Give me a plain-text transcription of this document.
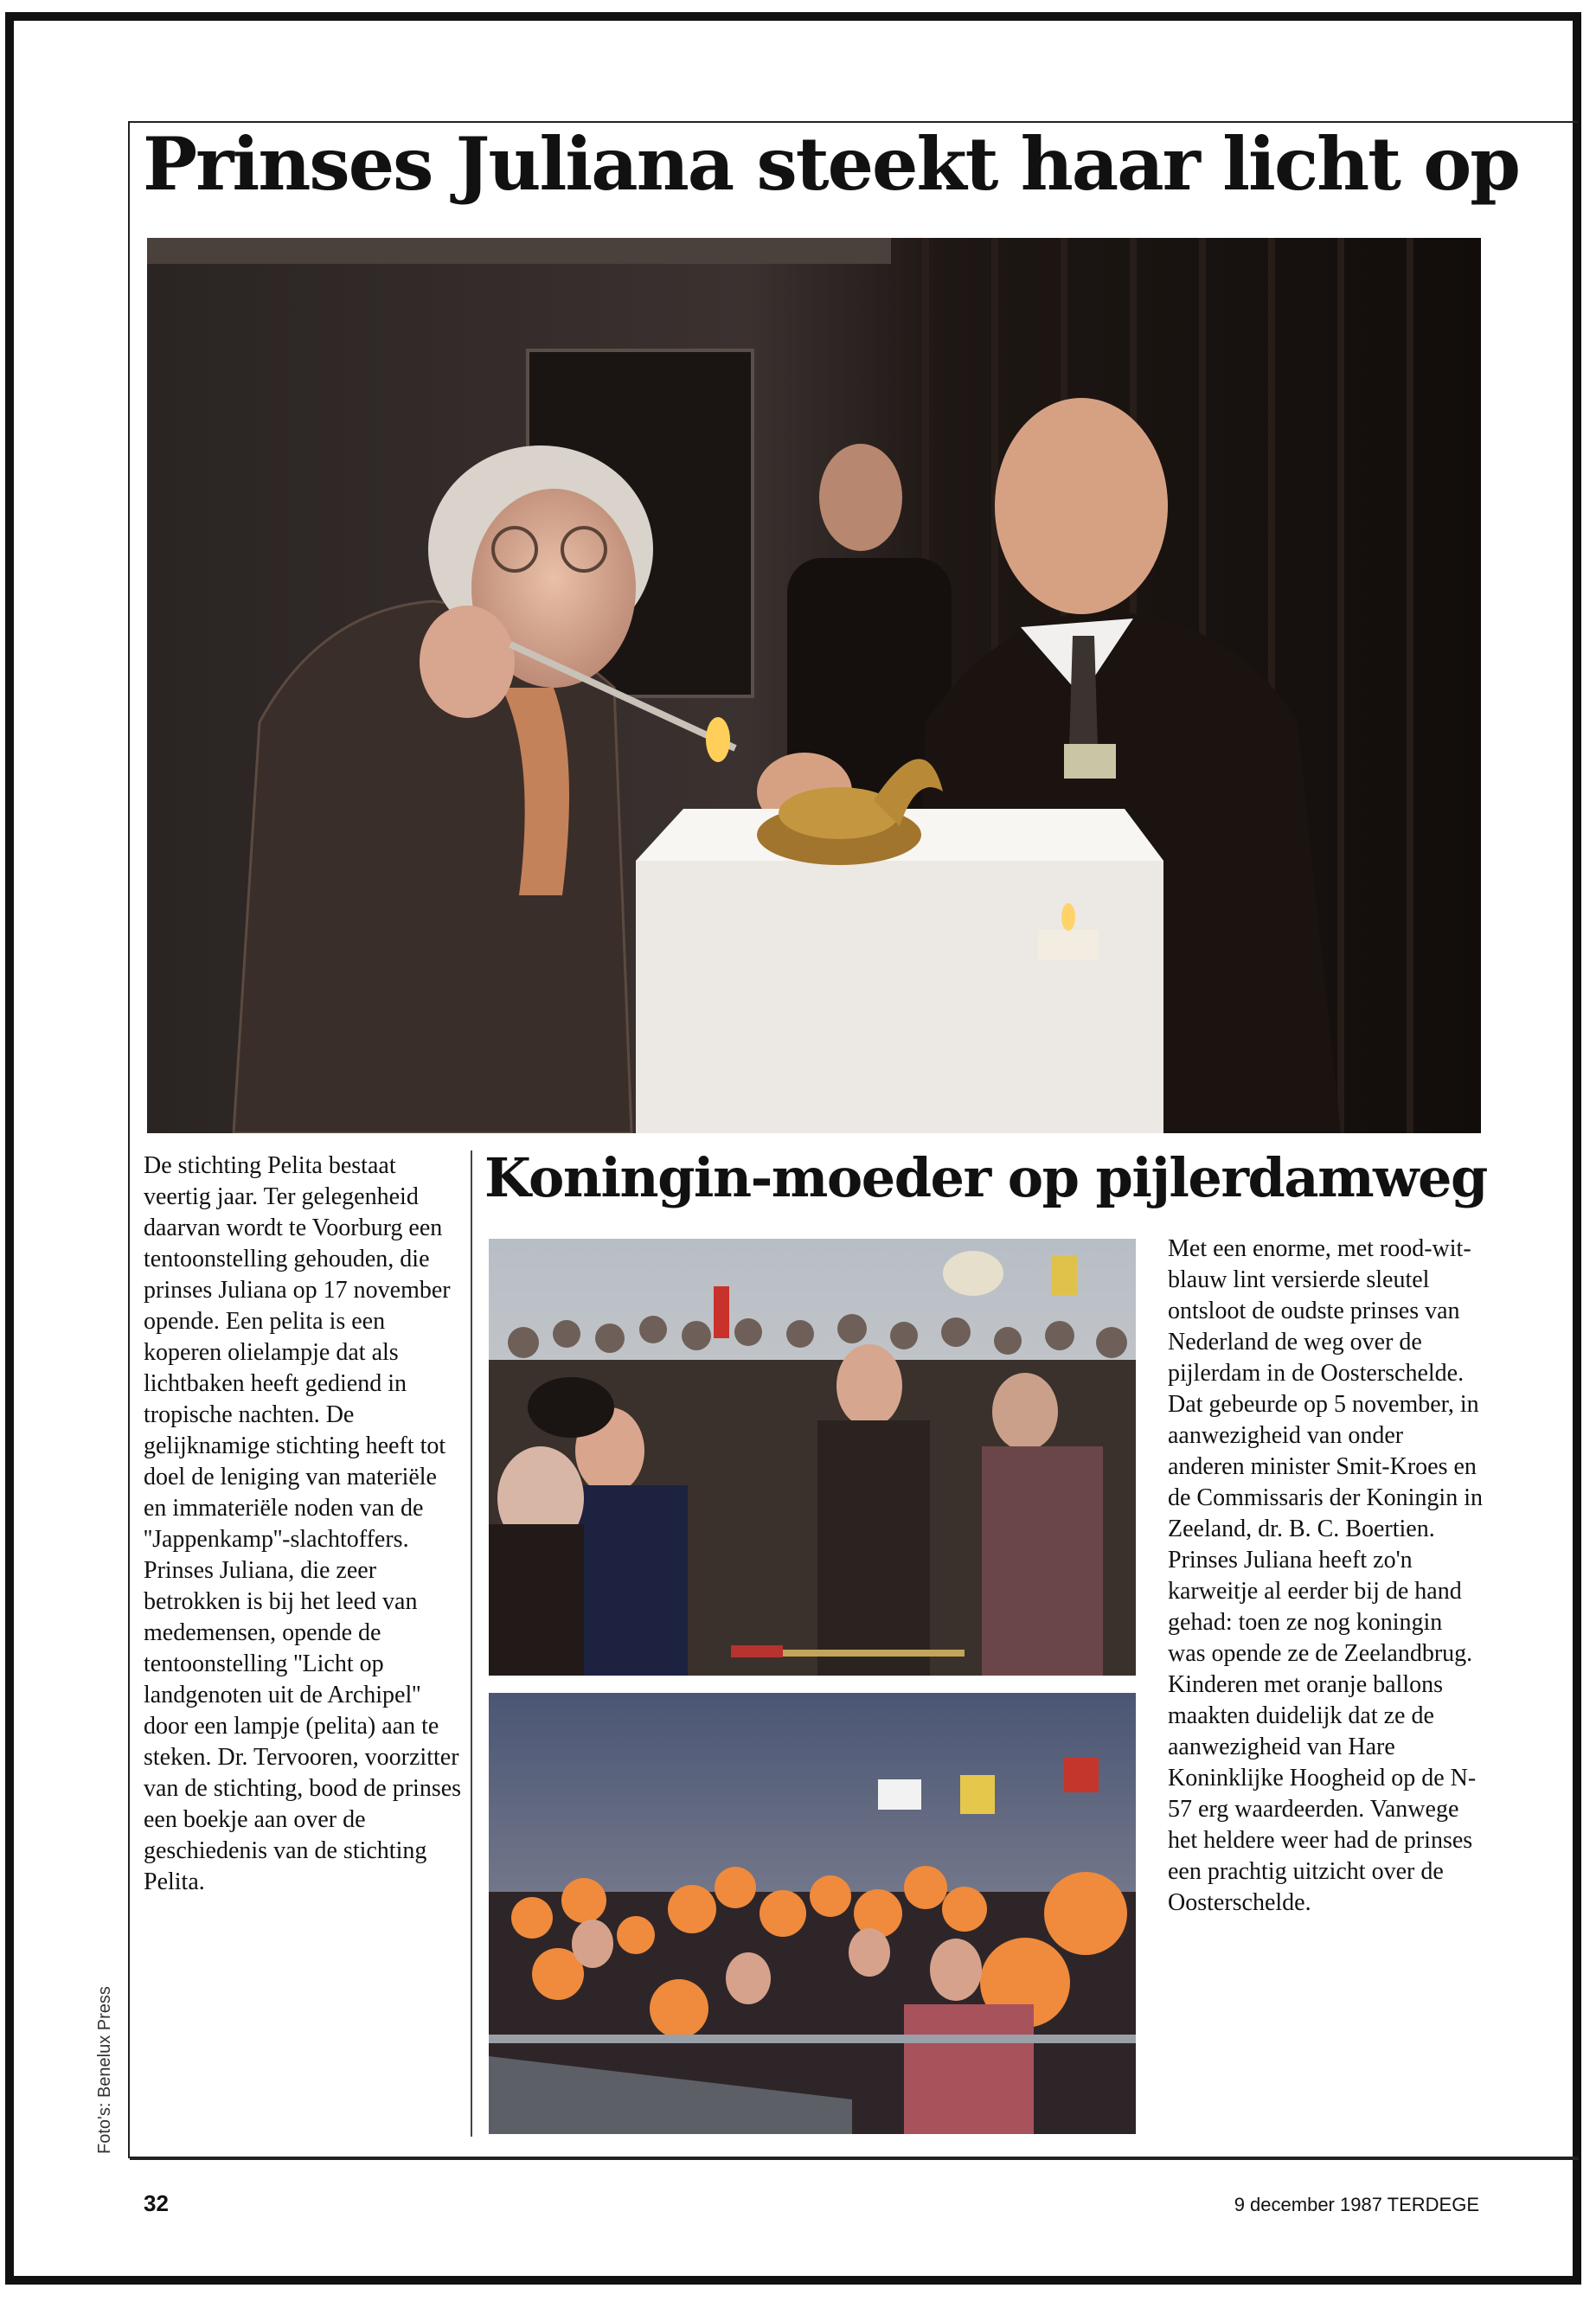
Prinses Juliana steekt haar licht op
De stichting Pelita bestaat veertig jaar. Ter gelegenheid daarvan wordt te Voorburg een tentoonstelling gehouden, die prinses Juliana op 17 november opende. Een pelita is een koperen olielampje dat als lichtbaken heeft gediend in tropische nachten. De gelijknamige stichting heeft tot doel de leniging van materiële en immateriële noden van de ''Jappenkamp''-slachtoffers. Prinses Juliana, die zeer betrokken is bij het leed van medemensen, opende de tentoonstelling ''Licht op landgenoten uit de Archipel'' door een lampje (pelita) aan te steken. Dr. Tervooren, voorzitter van de stichting, bood de prinses een boekje aan over de geschiedenis van de stichting Pelita.
Koningin-moeder op pijlerdamweg
Met een enorme, met rood-wit-blauw lint versierde sleutel ontsloot de oudste prinses van Nederland de weg over de pijlerdam in de Oosterschelde. Dat gebeurde op 5 november, in aanwezigheid van onder anderen minister Smit-Kroes en de Commissaris der Koningin in Zeeland, dr. B. C. Boertien. Prinses Juliana heeft zo'n karweitje al eerder bij de hand gehad: toen ze nog koningin was opende ze de Zeelandbrug. Kinderen met oranje ballons maakten duidelijk dat ze de aanwezigheid van Hare Koninklijke Hoogheid op de N-57 erg waardeerden. Vanwege het heldere weer had de prinses een prachtig uitzicht over de Oosterschelde.
Foto's: Benelux Press
32	9 december 1987 TERDEGE
